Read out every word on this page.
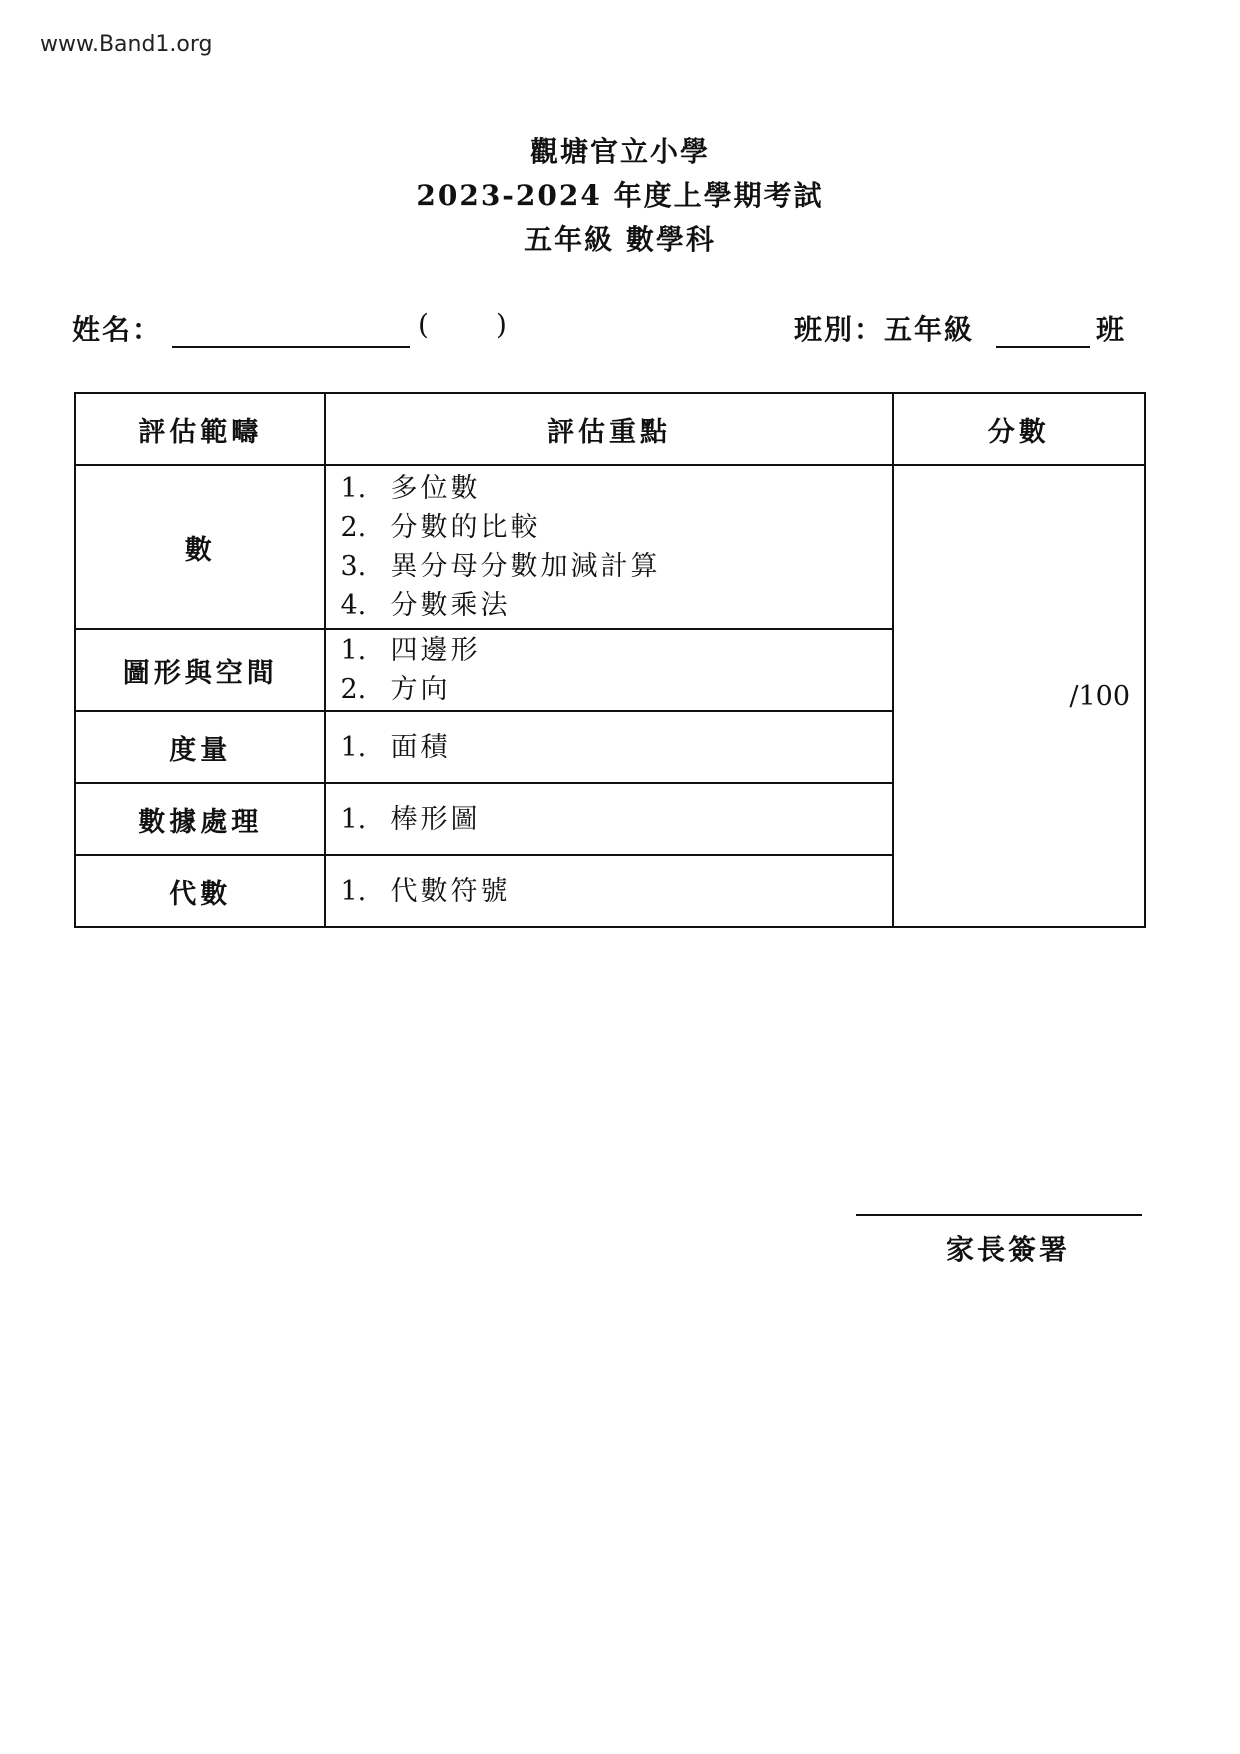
www.Band1.org
觀塘官立小學
2023-2024 年度上學期考試
五年級 數學科
姓名：	( )	班別：五年級	班
評估範疇	評估重點	分數
數	1. 多位數
2. 分數的比較
3. 異分母分數加減計算
4. 分數乘法	/100
圖形與空間	1. 四邊形
2. 方向	

度量	1. 面積	

數據處理	1. 棒形圖	

代數	1. 代數符號	
家長簽署
